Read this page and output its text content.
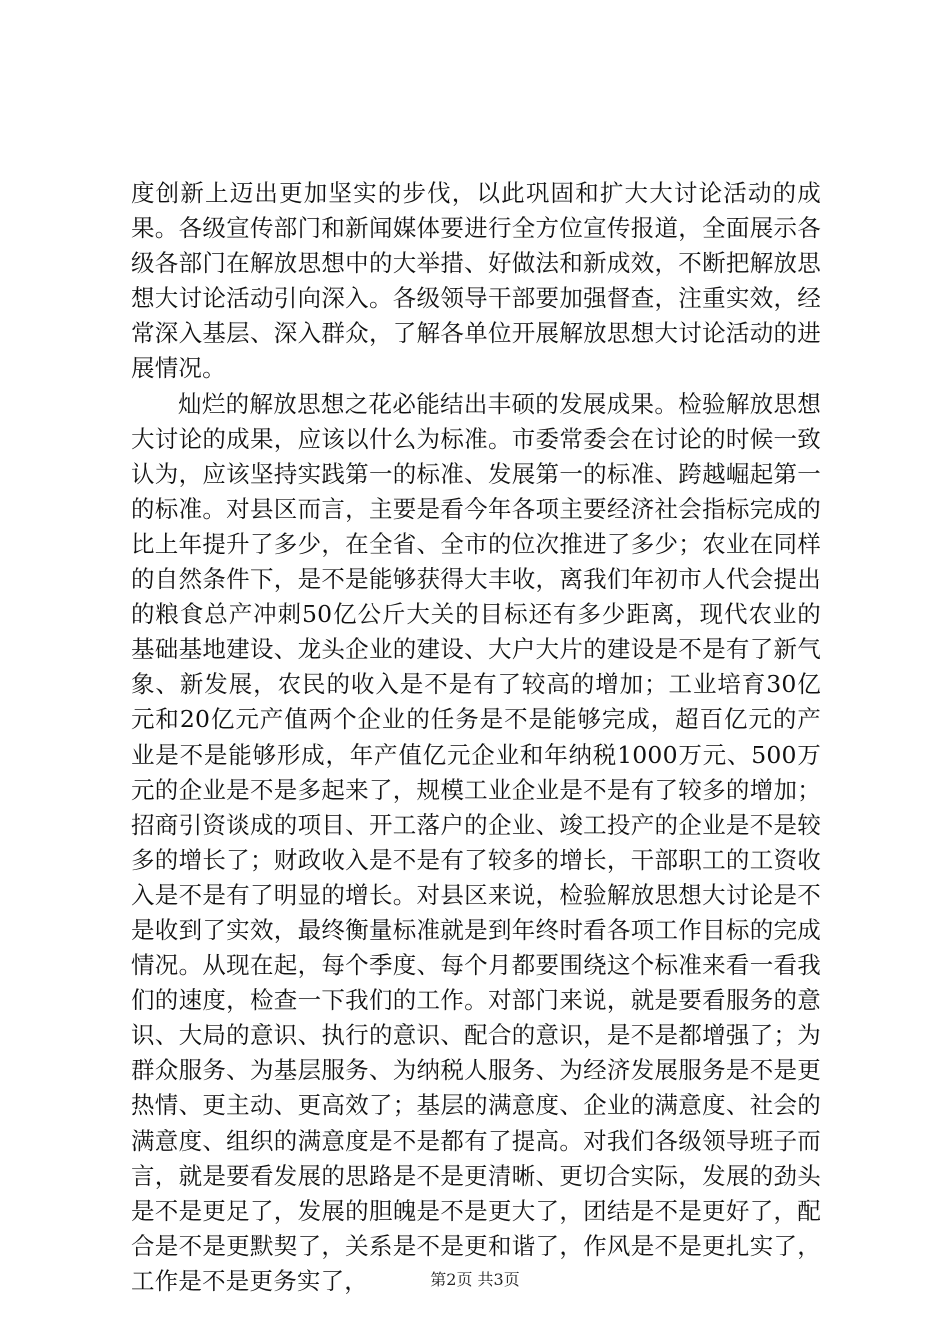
度创新上迈出更加坚实的步伐，以此巩固和扩大大讨论活动的成果。各级宣传部门和新闻媒体要进行全方位宣传报道，全面展示各级各部门在解放思想中的大举措、好做法和新成效，不断把解放思想大讨论活动引向深入。各级领导干部要加强督查，注重实效，经常深入基层、深入群众，了解各单位开展解放思想大讨论活动的进展情况。

灿烂的解放思想之花必能结出丰硕的发展成果。检验解放思想大讨论的成果，应该以什么为标准。市委常委会在讨论的时候一致认为，应该坚持实践第一的标准、发展第一的标准、跨越崛起第一的标准。对县区而言，主要是看今年各项主要经济社会指标完成的比上年提升了多少，在全省、全市的位次推进了多少；农业在同样的自然条件下，是不是能够获得大丰收，离我们年初市人代会提出的粮食总产冲刺50亿公斤大关的目标还有多少距离，现代农业的基础基地建设、龙头企业的建设、大户大片的建设是不是有了新气象、新发展，农民的收入是不是有了较高的增加；工业培育30亿元和20亿元产值两个企业的任务是不是能够完成，超百亿元的产业是不是能够形成，年产值亿元企业和年纳税1000万元、500万元的企业是不是多起来了，规模工业企业是不是有了较多的增加；招商引资谈成的项目、开工落户的企业、竣工投产的企业是不是较多的增长了；财政收入是不是有了较多的增长，干部职工的工资收入是不是有了明显的增长。对县区来说，检验解放思想大讨论是不是收到了实效，最终衡量标准就是到年终时看各项工作目标的完成情况。从现在起，每个季度、每个月都要围绕这个标准来看一看我们的速度，检查一下我们的工作。对部门来说，就是要看服务的意识、大局的意识、执行的意识、配合的意识，是不是都增强了；为群众服务、为基层服务、为纳税人服务、为经济发展服务是不是更热情、更主动、更高效了；基层的满意度、企业的满意度、社会的满意度、组织的满意度是不是都有了提高。对我们各级领导班子而言，就是要看发展的思路是不是更清晰、更切合实际，发展的劲头是不是更足了，发展的胆魄是不是更大了，团结是不是更好了，配合是不是更默契了，关系是不是更和谐了，作风是不是更扎实了，工作是不是更务实了，	第2页 共3页
